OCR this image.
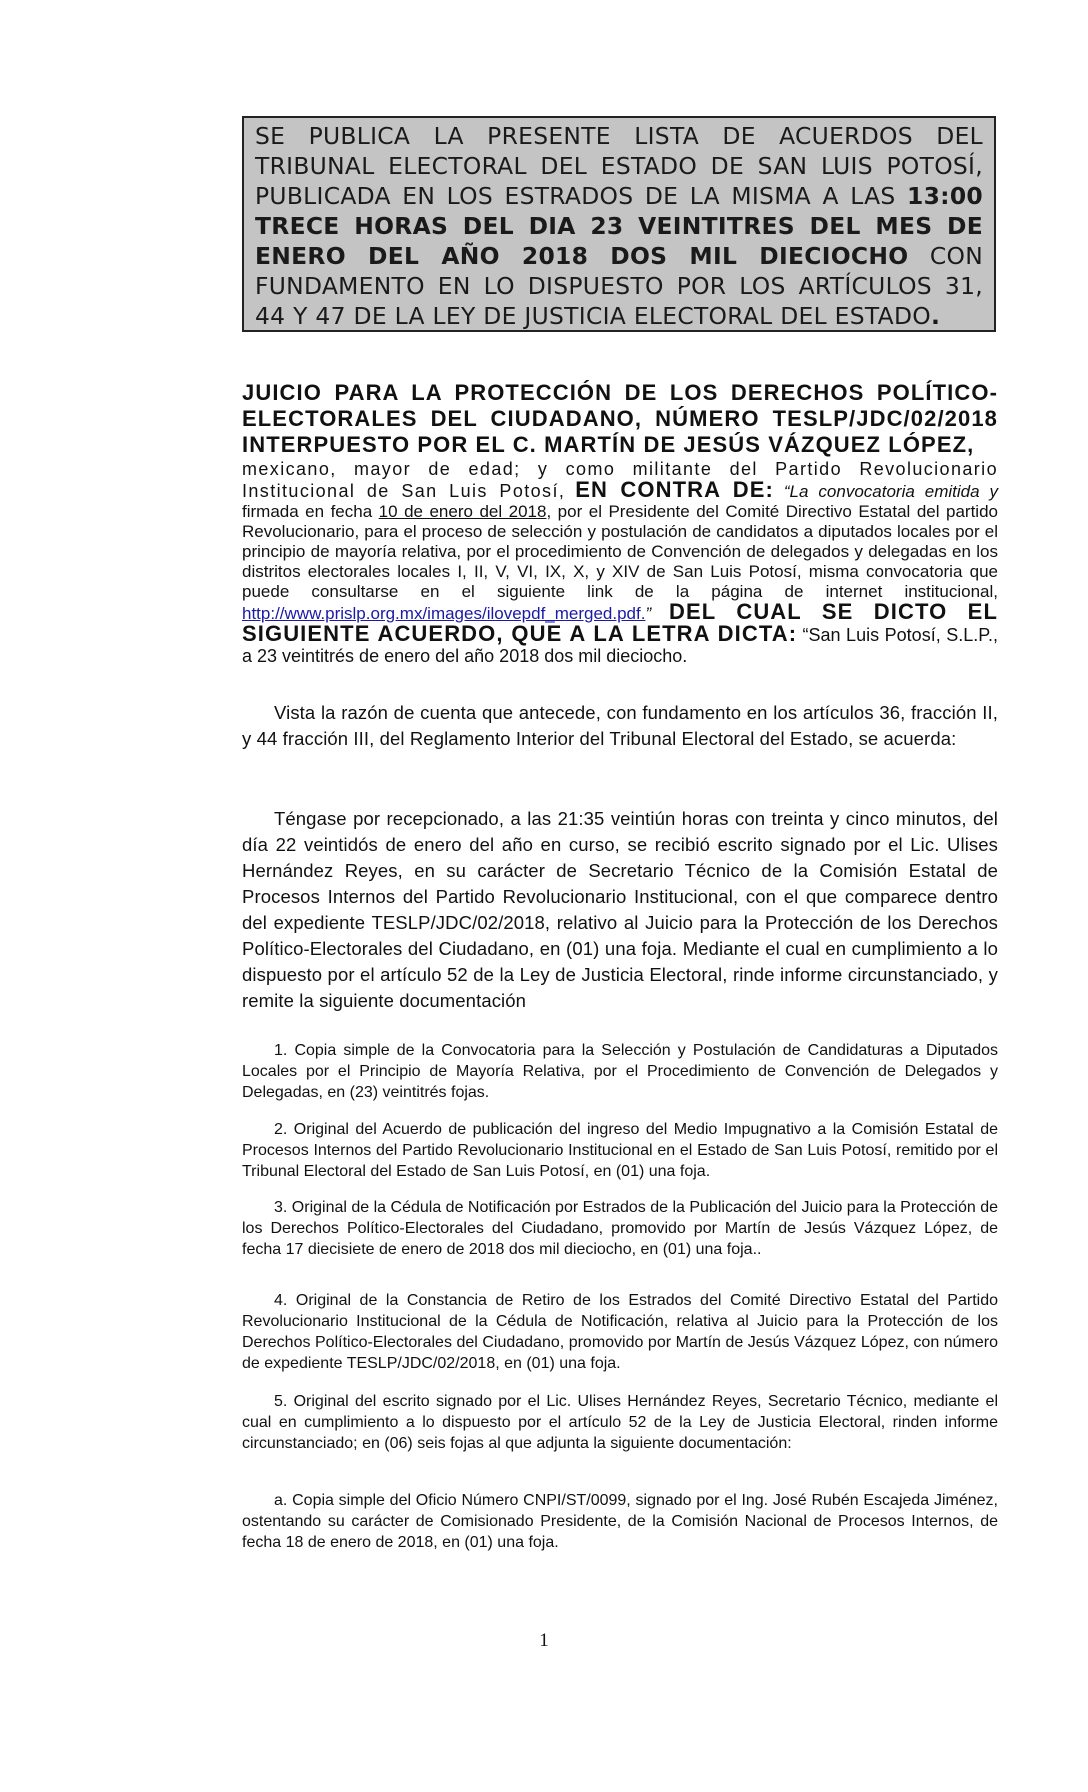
SE PUBLICA LA PRESENTE LISTA DE ACUERDOS DEL TRIBUNAL ELECTORAL DEL ESTADO DE SAN LUIS POTOSÍ, PUBLICADA EN LOS ESTRADOS DE LA MISMA A LAS 13:00 TRECE HORAS DEL DIA 23 VEINTITRES DEL MES DE ENERO DEL AÑO 2018 DOS MIL DIECIOCHO CON FUNDAMENTO EN LO DISPUESTO POR LOS ARTÍCULOS 31, 44 Y 47 DE LA LEY DE JUSTICIA ELECTORAL DEL ESTADO.
JUICIO PARA LA PROTECCIÓN DE LOS DERECHOS POLÍTICO-ELECTORALES DEL CIUDADANO, NÚMERO TESLP/JDC/02/2018 INTERPUESTO POR EL C. MARTÍN DE JESÚS VÁZQUEZ LÓPEZ,
mexicano, mayor de edad; y como militante del Partido Revolucionario Institucional de San Luis Potosí, EN CONTRA DE: “La convocatoria emitida y firmada en fecha 10 de enero del 2018, por el Presidente del Comité Directivo Estatal del partido Revolucionario, para el proceso de selección y postulación de candidatos a diputados locales por el principio de mayoría relativa, por el procedimiento de Convención de delegados y delegadas en los distritos electorales locales I, II, V, VI, IX, X, y XIV de San Luis Potosí, misma convocatoria que puede consultarse en el siguiente link de la página de internet institucional, http://www.prislp.org.mx/images/ilovepdf_merged.pdf.” DEL CUAL SE DICTO EL SIGUIENTE ACUERDO, QUE A LA LETRA DICTA: “San Luis Potosí, S.L.P., a 23 veintitrés de enero del año 2018 dos mil dieciocho.
Vista la razón de cuenta que antecede, con fundamento en los artículos 36, fracción II, y 44 fracción III, del Reglamento Interior del Tribunal Electoral del Estado, se acuerda:
Téngase por recepcionado, a las 21:35 veintiún horas con treinta y cinco minutos, del día 22 veintidós de enero del año en curso, se recibió escrito signado por el Lic. Ulises Hernández Reyes, en su carácter de Secretario Técnico de la Comisión Estatal de Procesos Internos del Partido Revolucionario Institucional, con el que comparece dentro del expediente TESLP/JDC/02/2018, relativo al Juicio para la Protección de los Derechos Político-Electorales del Ciudadano, en (01) una foja. Mediante el cual en cumplimiento a lo dispuesto por el artículo 52 de la Ley de Justicia Electoral, rinde informe circunstanciado, y remite la siguiente documentación
1. Copia simple de la Convocatoria para la Selección y Postulación de Candidaturas a Diputados Locales por el Principio de Mayoría Relativa, por el Procedimiento de Convención de Delegados y Delegadas, en (23) veintitrés fojas.
2. Original del Acuerdo de publicación del ingreso del Medio Impugnativo a la Comisión Estatal de Procesos Internos del Partido Revolucionario Institucional en el Estado de San Luis Potosí, remitido por el Tribunal Electoral del Estado de San Luis Potosí, en (01) una foja.
3. Original de la Cédula de Notificación por Estrados de la Publicación del Juicio para la Protección de los Derechos Político-Electorales del Ciudadano, promovido por Martín de Jesús Vázquez López, de fecha 17 diecisiete de enero de 2018 dos mil dieciocho, en (01) una foja..
4. Original de la Constancia de Retiro de los Estrados del Comité Directivo Estatal del Partido Revolucionario Institucional de la Cédula de Notificación, relativa al Juicio para la Protección de los Derechos Político-Electorales del Ciudadano, promovido por Martín de Jesús Vázquez López, con número de expediente TESLP/JDC/02/2018, en (01) una foja.
5. Original del escrito signado por el Lic. Ulises Hernández Reyes, Secretario Técnico, mediante el cual en cumplimiento a lo dispuesto por el artículo 52 de la Ley de Justicia Electoral, rinden informe circunstanciado; en (06) seis fojas al que adjunta la siguiente documentación:
a. Copia simple del Oficio Número CNPI/ST/0099, signado por el Ing. José Rubén Escajeda Jiménez, ostentando su carácter de Comisionado Presidente, de la Comisión Nacional de Procesos Internos, de fecha 18 de enero de 2018, en (01) una foja.
1
